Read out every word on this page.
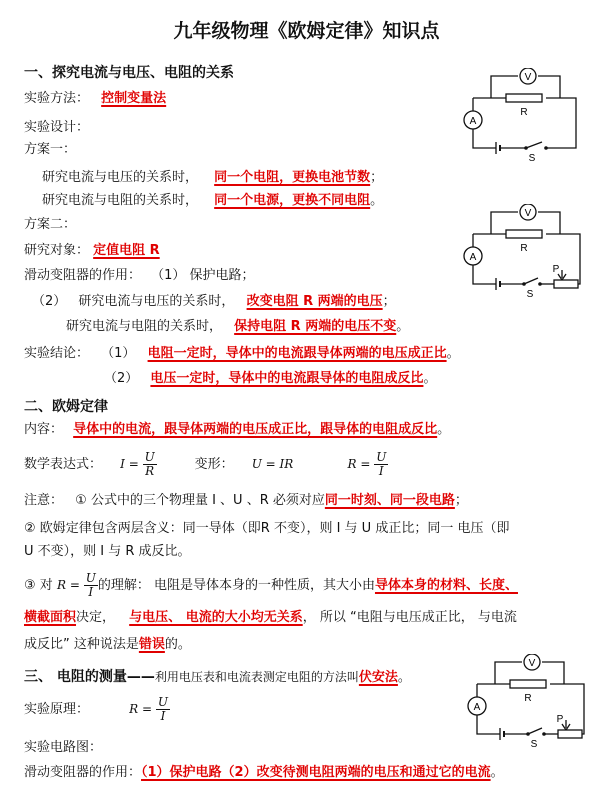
九年级物理《欧姆定律》知识点
一、探究电流与电压、电阻的关系
实验方法： 控制变量法
实验设计：
方案一：
研究电流与电压的关系时， 同一个电阻，更换电池节数；
研究电流与电阻的关系时， 同一个电源，更换不同电阻。
方案二：
研究对象： 定值电阻 R
滑动变阻器的作用： （1） 保护电路；
（2） 研究电流与电压的关系时， 改变电阻 R 两端的电压；
研究电流与电阻的关系时， 保持电阻 R 两端的电压不变。
实验结论： （1） 电阻一定时，导体中的电流跟导体两端的电压成正比。
（2） 电压一定时，导体中的电流跟导体的电阻成反比。
二、欧姆定律
内容： 导体中的电流，跟导体两端的电压成正比，跟导体的电阻成反比。
数学表达式： $I = \frac{U}{R}$	变形： U = IR	$R = \frac{U}{I}$
注意： ① 公式中的三个物理量 I 、U 、R 必须对应同一时刻、同一段电路；
② 欧姆定律包含两层含义：同一导体（即R 不变），则 I 与 U 成正比；同一 电压（即
U 不变），则 I 与 R 成反比。
③ 对 $R = \frac{U}{I}$ 的理解： 电阻是导体本身的一种性质，其大小由导体本身的材料、长度、
横截面积决定， 与电压、 电流的大小均无关系， 所以 “电阻与电压成正比， 与电流
成反比” 这种说法是错误的。
三、 电阻的测量——利用电压表和电流表测定电阻的方法叫伏安法。
实验原理：	$R = \frac{U}{I}$
实验电路图：
滑动变阻器的作用：（1）保护电路（2）改变待测电阻两端的电压和通过它的电流。
A
V
R
S
A
V
R
S
P
A
V
R
S
P
